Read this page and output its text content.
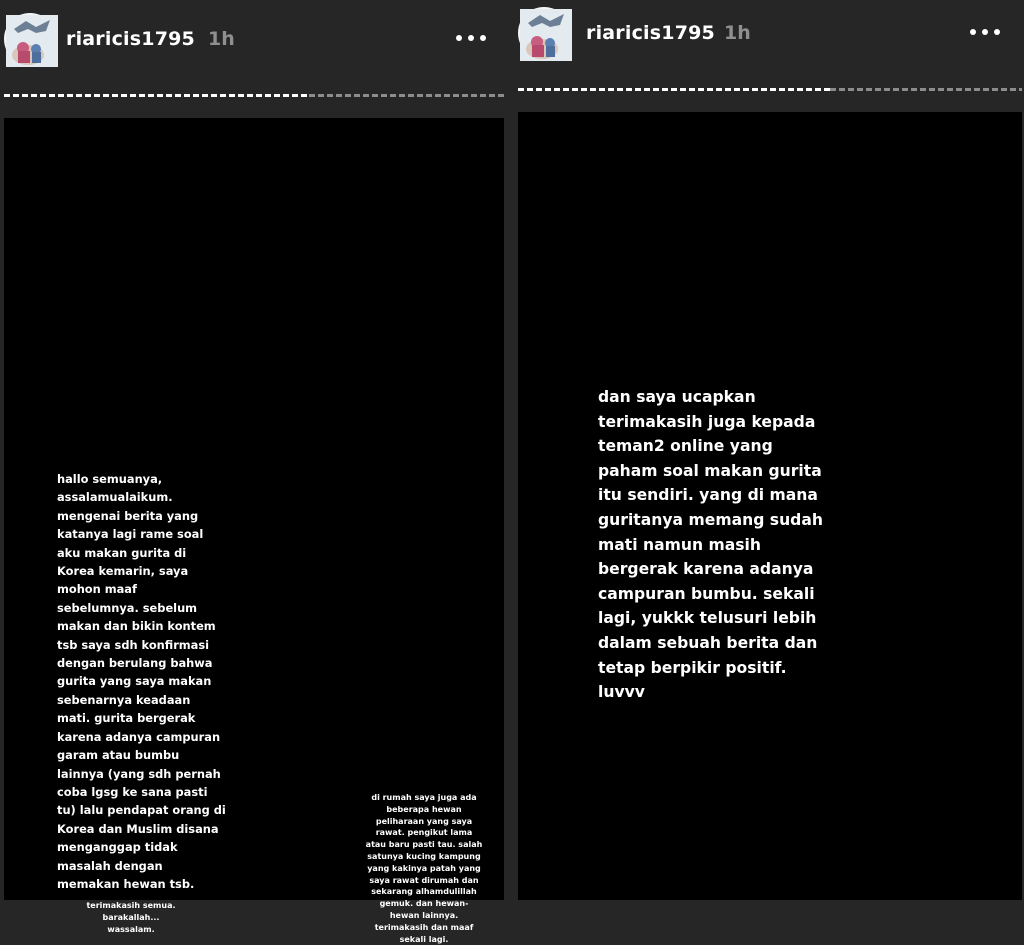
riaricis1795 1h
hallo semuanya,
assalamualaikum.
mengenai berita yang
katanya lagi rame soal
aku makan gurita di
Korea kemarin, saya
mohon maaf
sebelumnya. sebelum
makan dan bikin kontem
tsb saya sdh konfirmasi
dengan berulang bahwa
gurita yang saya makan
sebenarnya keadaan
mati. gurita bergerak
karena adanya campuran
garam atau bumbu
lainnya (yang sdh pernah
coba lgsg ke sana pasti
tu) lalu pendapat orang di
Korea dan Muslim disana
menganggap tidak
masalah dengan
memakan hewan tsb.
terimakasih semua.
barakallah...
wassalam.
di rumah saya juga ada
beberapa hewan
peliharaan yang saya
rawat. pengikut lama
atau baru pasti tau. salah
satunya kucing kampung
yang kakinya patah yang
saya rawat dirumah dan
sekarang alhamdulillah
gemuk. dan hewan-
hewan lainnya.
terimakasih dan maaf
sekali lagi.
riaricis1795 1h
dan saya ucapkan
terimakasih juga kepada
teman2 online yang
paham soal makan gurita
itu sendiri. yang di mana
guritanya memang sudah
mati namun masih
bergerak karena adanya
campuran bumbu. sekali
lagi, yukkk telusuri lebih
dalam sebuah berita dan
tetap berpikir positif.
luvvv
